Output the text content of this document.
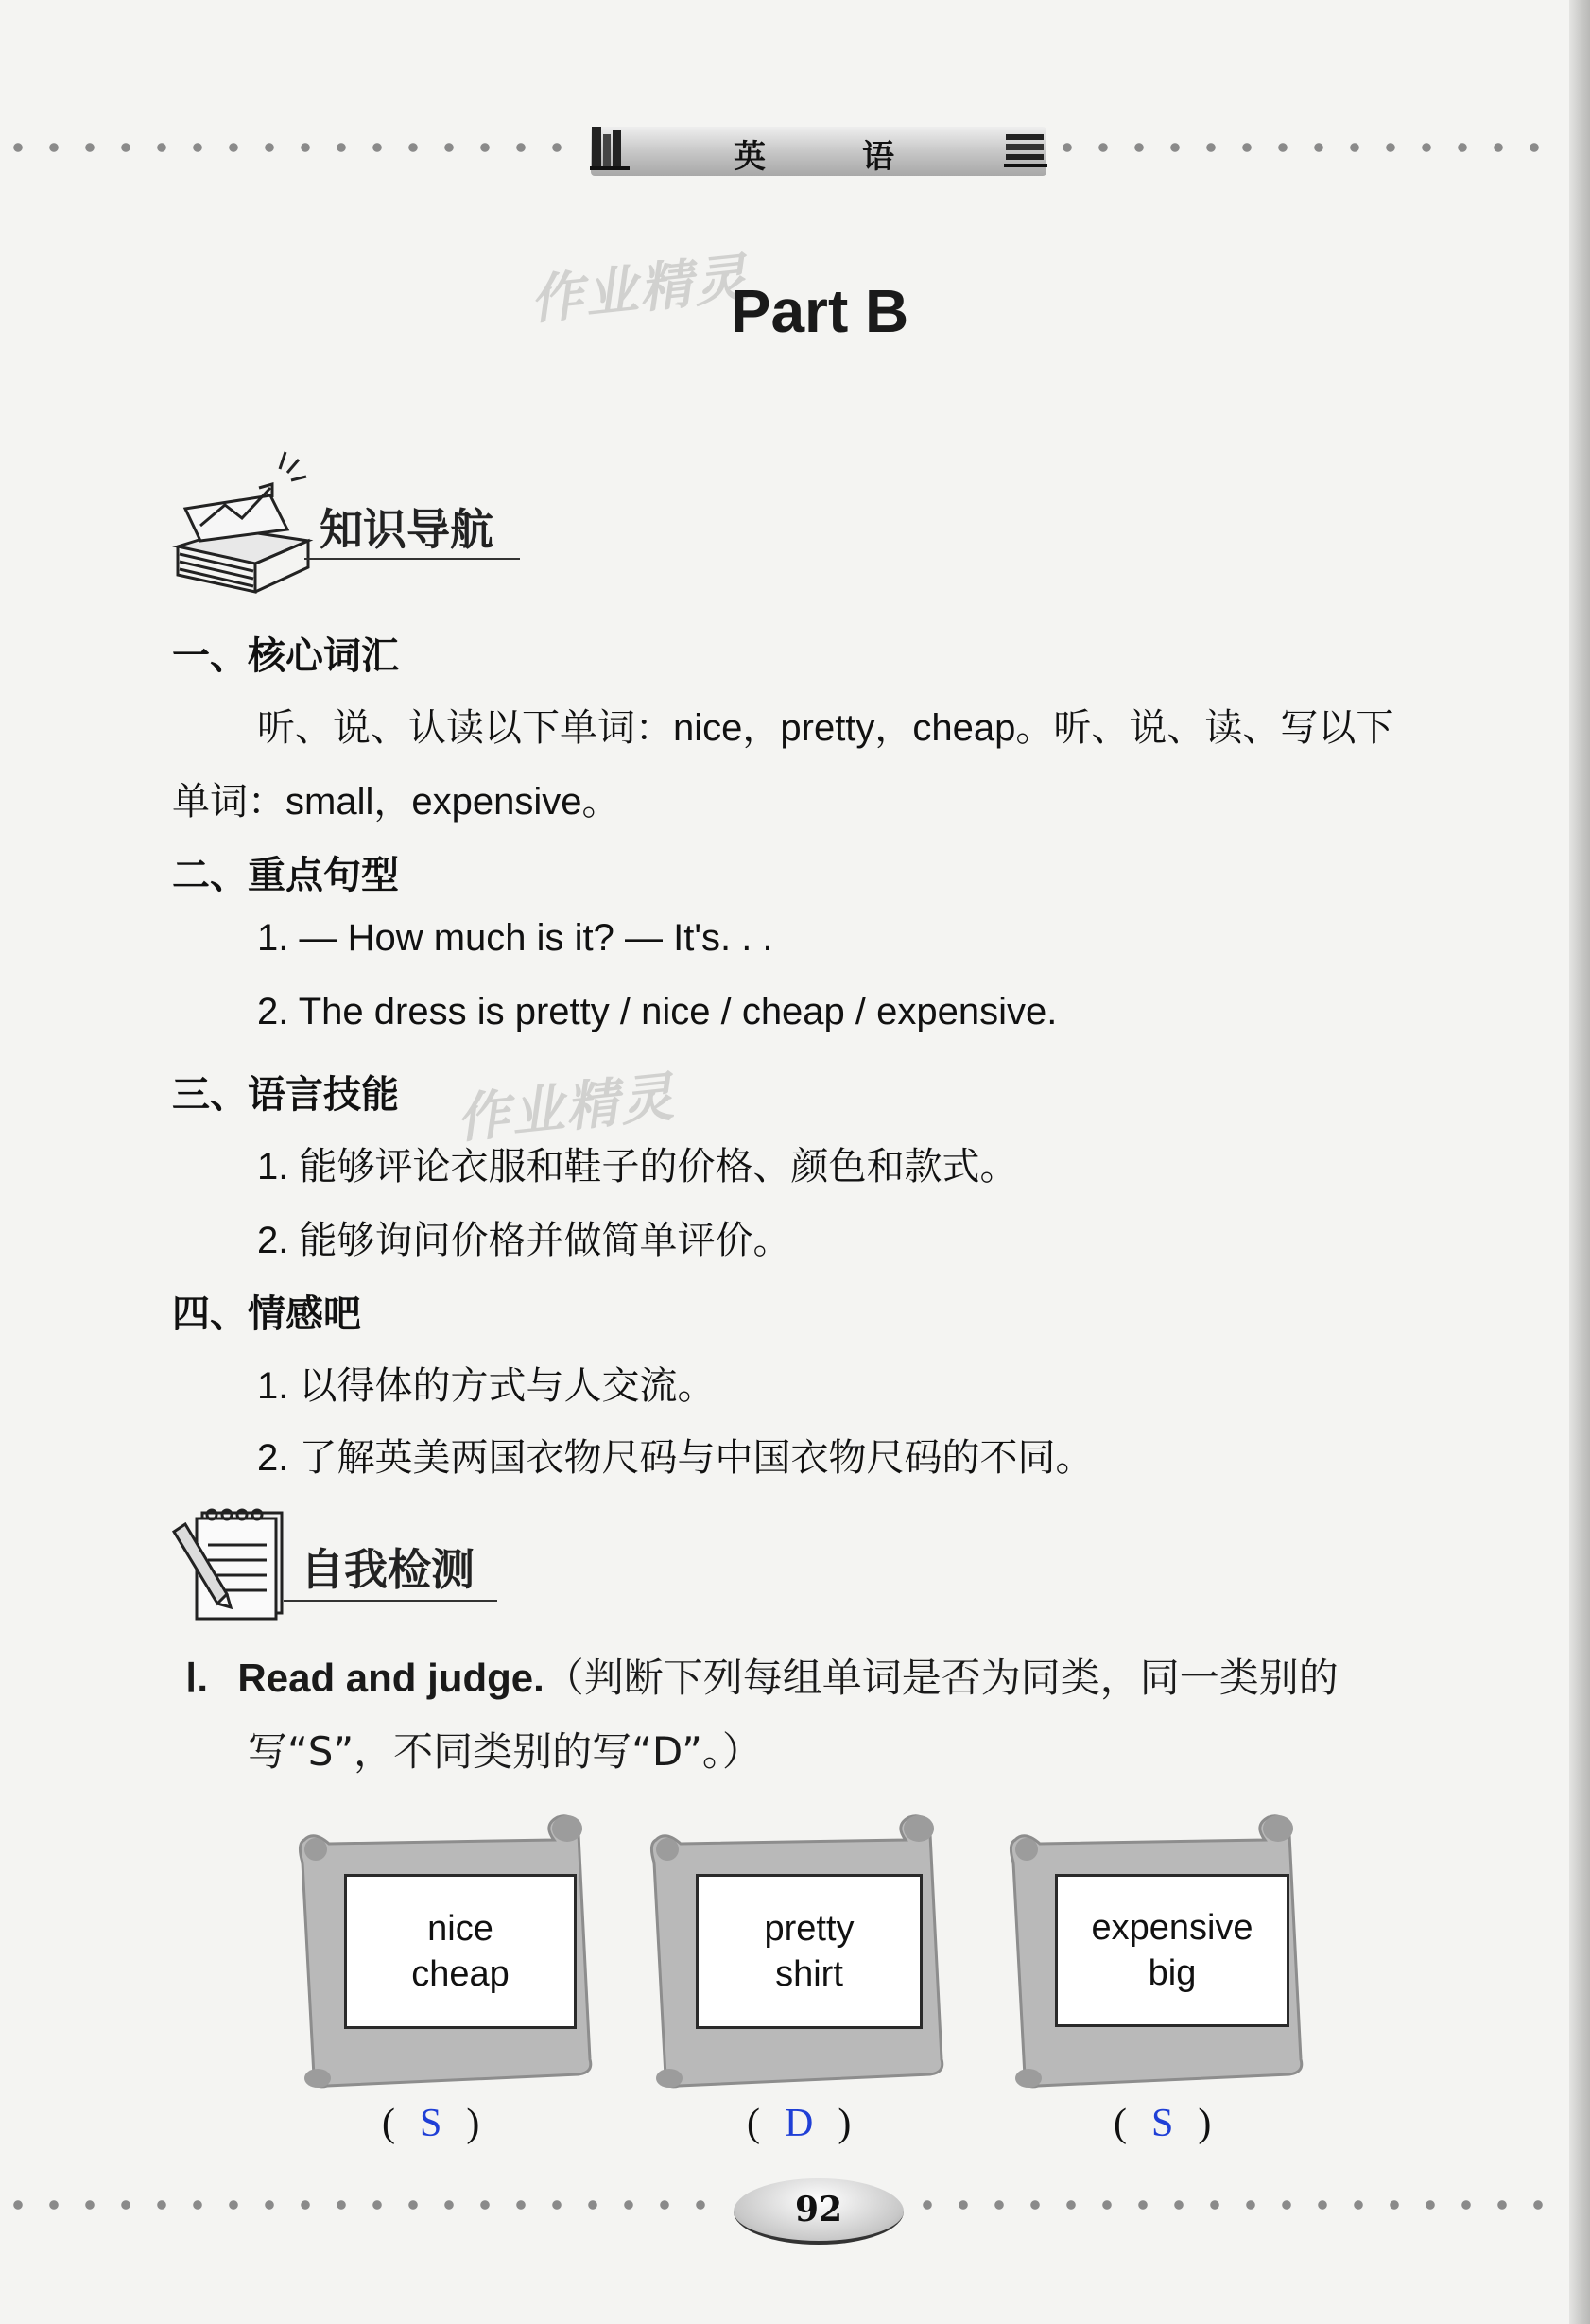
英	语
作业精灵
作业精灵
Part B
知识导航
一、核心词汇
听、说、认读以下单词：nice，pretty，cheap。听、说、读、写以下
单词：small，expensive。
二、重点句型
1. — How much is it? — It's. . .
2. The dress is pretty / nice / cheap / expensive.
三、语言技能
1. 能够评论衣服和鞋子的价格、颜色和款式。
2. 能够询问价格并做简单评价。
四、情感吧
1. 以得体的方式与人交流。
2. 了解英美两国衣物尺码与中国衣物尺码的不同。
自我检测
Ⅰ. Read and judge.（判断下列每组单词是否为同类，同一类别的
写“S”，不同类别的写“D”。）
nice
cheap
pretty
shirt
expensive
big
( S )	( D )	( S )
92
